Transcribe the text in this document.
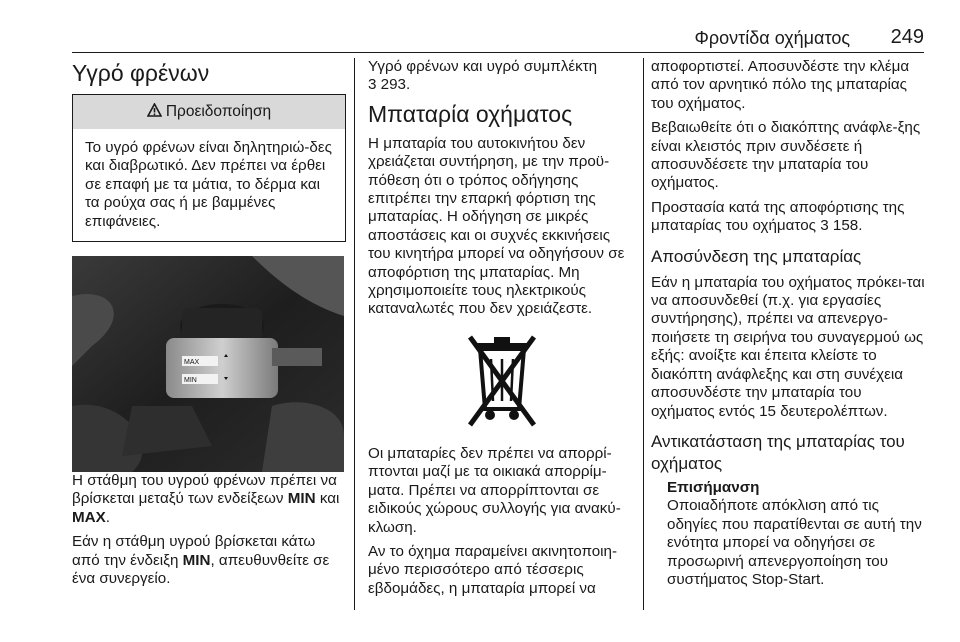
Φροντίδα οχήματος	249
Υγρό φρένων
Προειδοποίηση
Το υγρό φρένων είναι δηλητηριώ-δες και διαβρωτικό. Δεν πρέπει να έρθει σε επαφή με τα μάτια, το δέρμα και τα ρούχα σας ή με βαμμένες επιφάνειες.
MAX
MIN

Η στάθμη του υγρού φρένων πρέπει να βρίσκεται μεταξύ των ενδείξεων MIN και MAX.

Εάν η στάθμη υγρού βρίσκεται κάτω από την ένδειξη MIN, απευθυνθείτε σε ένα συνεργείο.

Υγρό φρένων και υγρό συμπλέκτη
3 293.

Μπαταρία οχήματος

Η μπαταρία του αυτοκινήτου δεν χρειάζεται συντήρηση, με την προϋ-πόθεση ότι ο τρόπος οδήγησης επιτρέπει την επαρκή φόρτιση της μπαταρίας. Η οδήγηση σε μικρές αποστάσεις και οι συχνές εκκινήσεις του κινητήρα μπορεί να οδηγήσουν σε αποφόρτιση της μπαταρίας. Μη χρησιμοποιείτε τους ηλεκτρικούς καταναλωτές που δεν χρειάζεστε.

Οι μπαταρίες δεν πρέπει να απορρί-πτονται μαζί με τα οικιακά απορρίμ-ματα. Πρέπει να απορρίπτονται σε ειδικούς χώρους συλλογής για ανακύ-κλωση.

Αν το όχημα παραμείνει ακινητοποιη-μένο περισσότερο από τέσσερις εβδομάδες, η μπαταρία μπορεί να

αποφορτιστεί. Αποσυνδέστε την κλέμα από τον αρνητικό πόλο της μπαταρίας του οχήματος.

Βεβαιωθείτε ότι ο διακόπτης ανάφλε-ξης είναι κλειστός πριν συνδέσετε ή αποσυνδέσετε την μπαταρία του οχήματος.

Προστασία κατά της αποφόρτισης της μπαταρίας του οχήματος 3 158.

Αποσύνδεση της μπαταρίας

Εάν η μπαταρία του οχήματος πρόκει-ται να αποσυνδεθεί (π.χ. για εργασίες συντήρησης), πρέπει να απενεργο-ποιήσετε τη σειρήνα του συναγερμού ως εξής: ανοίξτε και έπειτα κλείστε το διακόπτη ανάφλεξης και στη συνέχεια αποσυνδέστε την μπαταρία του οχήματος εντός 15 δευτερολέπτων.

Αντικατάσταση της μπαταρίας του οχήματος
Επισήμανση
Οποιαδήποτε απόκλιση από τις οδηγίες που παρατίθενται σε αυτή την ενότητα μπορεί να οδηγήσει σε προσωρινή απενεργοποίηση του συστήματος Stop-Start.
